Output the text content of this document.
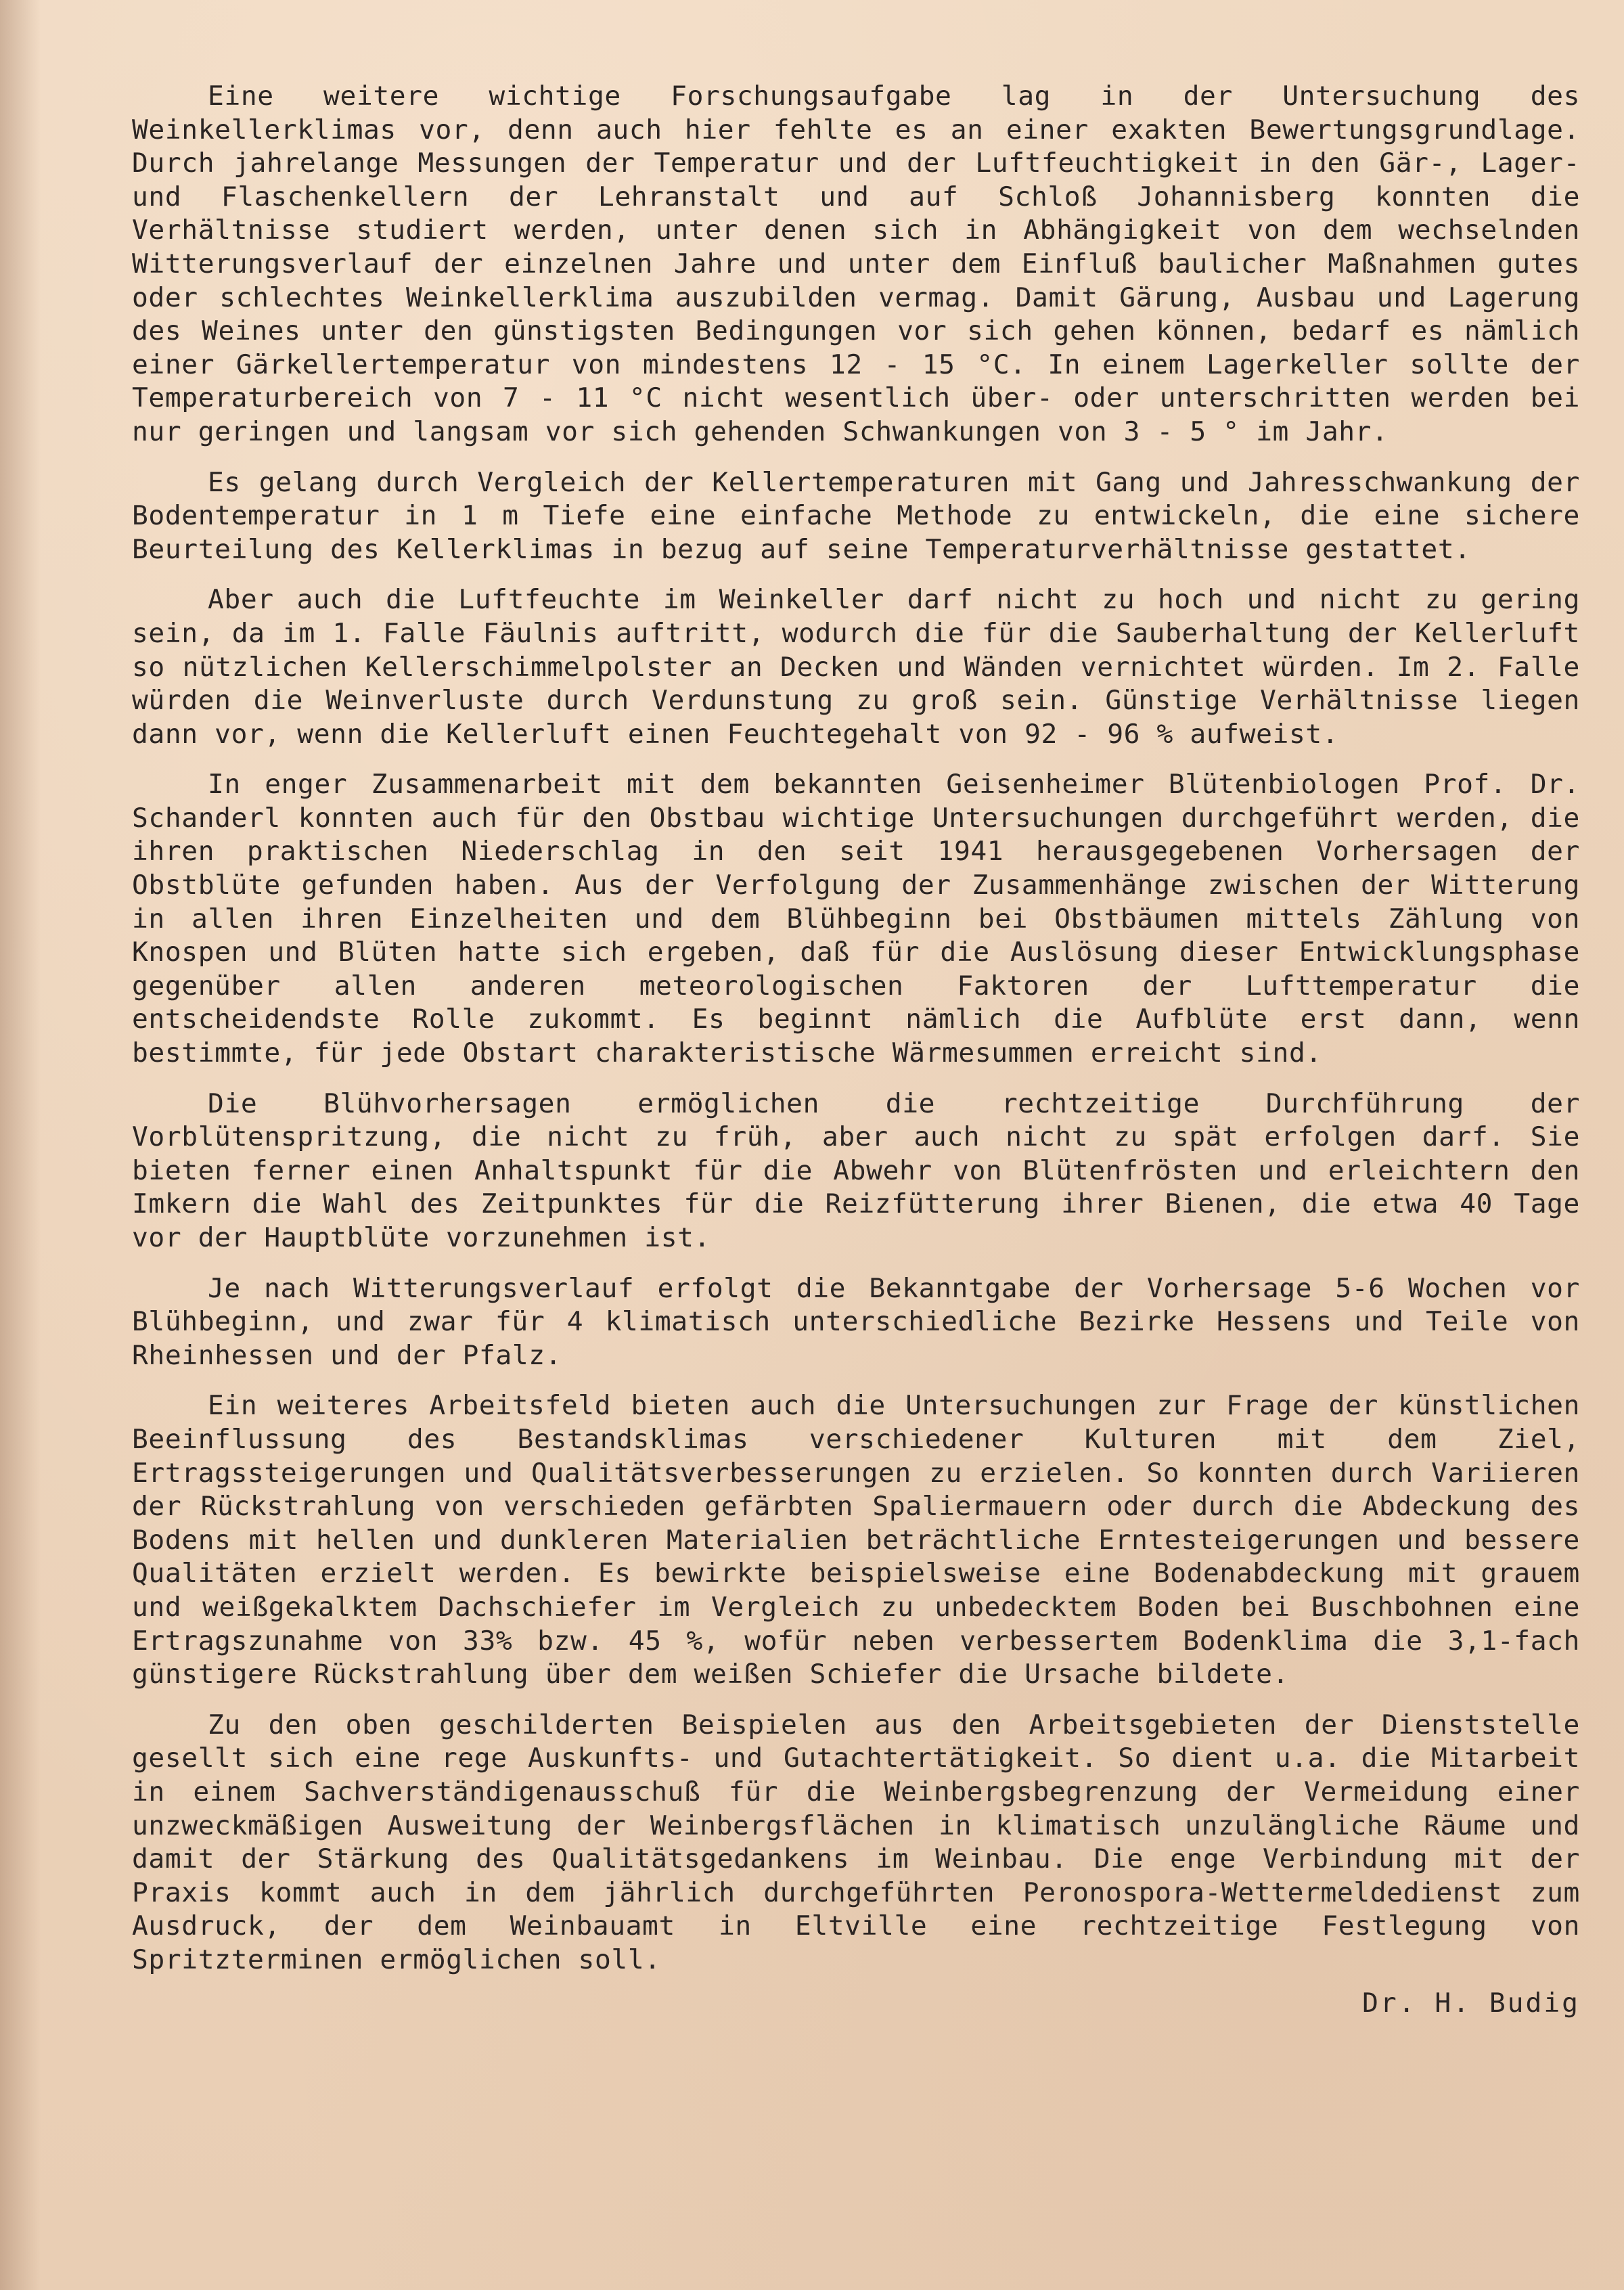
Eine weitere wichtige Forschungsaufgabe lag in der Untersuchung des Weinkellerklimas vor, denn auch hier fehlte es an einer exakten Bewertungsgrundlage. Durch jahrelange Messungen der Temperatur und der Luftfeuchtigkeit in den Gär-, Lager- und Flaschenkellern der Lehranstalt und auf Schloß Johannisberg konnten die Verhältnisse studiert werden, unter denen sich in Abhängigkeit von dem wechselnden Witterungsverlauf der einzelnen Jahre und unter dem Einfluß baulicher Maßnahmen gutes oder schlechtes Weinkellerklima auszubilden vermag. Damit Gärung, Ausbau und Lagerung des Weines unter den günstigsten Bedingungen vor sich gehen können, bedarf es nämlich einer Gärkellertemperatur von mindestens 12 - 15 °C. In einem Lagerkeller sollte der Temperaturbereich von 7 - 11 °C nicht wesentlich über- oder unterschritten werden bei nur geringen und langsam vor sich gehenden Schwankungen von 3 - 5 ° im Jahr.

Es gelang durch Vergleich der Kellertemperaturen mit Gang und Jahresschwankung der Bodentemperatur in 1 m Tiefe eine einfache Methode zu entwickeln, die eine sichere Beurteilung des Kellerklimas in bezug auf seine Temperaturverhältnisse gestattet.

Aber auch die Luftfeuchte im Weinkeller darf nicht zu hoch und nicht zu gering sein, da im 1. Falle Fäulnis auftritt, wodurch die für die Sauberhaltung der Kellerluft so nützlichen Kellerschimmelpolster an Decken und Wänden vernichtet würden. Im 2. Falle würden die Weinverluste durch Verdunstung zu groß sein. Günstige Verhältnisse liegen dann vor, wenn die Kellerluft einen Feuchtegehalt von 92 - 96 % aufweist.

In enger Zusammenarbeit mit dem bekannten Geisenheimer Blütenbiologen Prof. Dr. Schanderl konnten auch für den Obstbau wichtige Untersuchungen durchgeführt werden, die ihren praktischen Niederschlag in den seit 1941 herausgegebenen Vorhersagen der Obstblüte gefunden haben. Aus der Verfolgung der Zusammenhänge zwischen der Witterung in allen ihren Einzelheiten und dem Blühbeginn bei Obstbäumen mittels Zählung von Knospen und Blüten hatte sich ergeben, daß für die Auslösung dieser Entwicklungsphase gegenüber allen anderen meteorologischen Faktoren der Lufttemperatur die entscheidendste Rolle zukommt. Es beginnt nämlich die Aufblüte erst dann, wenn bestimmte, für jede Obstart charakteristische Wärmesummen erreicht sind.

Die Blühvorhersagen ermöglichen die rechtzeitige Durchführung der Vorblütenspritzung, die nicht zu früh, aber auch nicht zu spät erfolgen darf. Sie bieten ferner einen Anhaltspunkt für die Abwehr von Blütenfrösten und erleichtern den Imkern die Wahl des Zeitpunktes für die Reizfütterung ihrer Bienen, die etwa 40 Tage vor der Hauptblüte vorzunehmen ist.

Je nach Witterungsverlauf erfolgt die Bekanntgabe der Vorhersage 5-6 Wochen vor Blühbeginn, und zwar für 4 klimatisch unterschiedliche Bezirke Hessens und Teile von Rheinhessen und der Pfalz.

Ein weiteres Arbeitsfeld bieten auch die Untersuchungen zur Frage der künstlichen Beeinflussung des Bestandsklimas verschiedener Kulturen mit dem Ziel, Ertragssteigerungen und Qualitätsverbesserungen zu erzielen. So konnten durch Variieren der Rückstrahlung von verschieden gefärbten Spaliermauern oder durch die Abdeckung des Bodens mit hellen und dunkleren Materialien beträchtliche Erntesteigerungen und bessere Qualitäten erzielt werden. Es bewirkte beispielsweise eine Bodenabdeckung mit grauem und weißgekalktem Dachschiefer im Vergleich zu unbedecktem Boden bei Buschbohnen eine Ertragszunahme von 33% bzw. 45 %, wofür neben verbessertem Bodenklima die 3,1-fach günstigere Rückstrahlung über dem weißen Schiefer die Ursache bildete.

Zu den oben geschilderten Beispielen aus den Arbeitsgebieten der Dienststelle gesellt sich eine rege Auskunfts- und Gutachtertätigkeit. So dient u.a. die Mitarbeit in einem Sachverständigenausschuß für die Weinbergsbegrenzung der Vermeidung einer unzweckmäßigen Ausweitung der Weinbergsflächen in klimatisch unzulängliche Räume und damit der Stärkung des Qualitätsgedankens im Weinbau. Die enge Verbindung mit der Praxis kommt auch in dem jährlich durchgeführten Peronospora-Wettermeldedienst zum Ausdruck, der dem Weinbauamt in Eltville eine rechtzeitige Festlegung von Spritzterminen ermöglichen soll.

Dr. H. Budig
